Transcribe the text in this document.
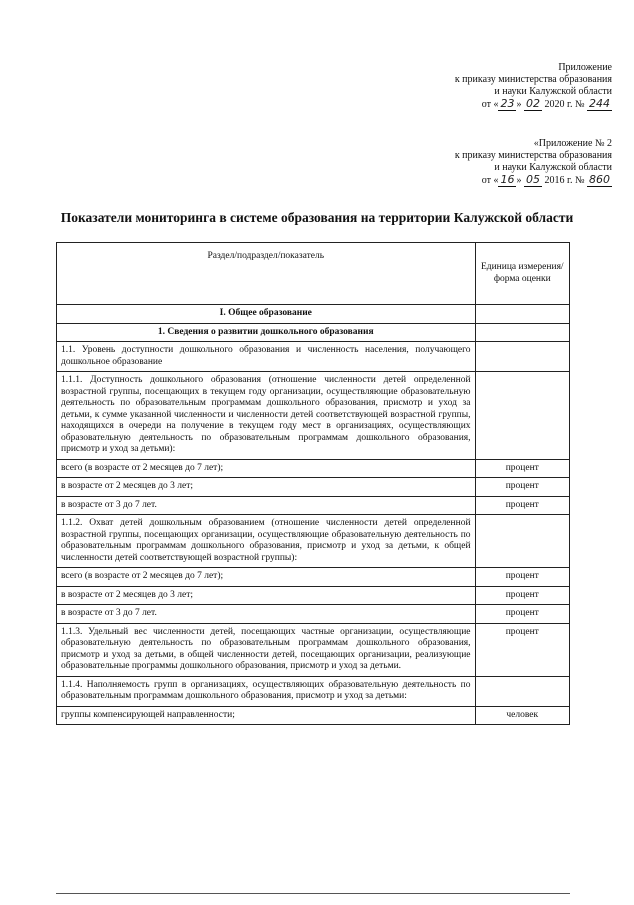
Приложение
к приказу министерства образования
и науки Калужской области
от « 23 » 02 2020 г. № 244
«Приложение № 2
к приказу министерства образования
и науки Калужской области
от « 16 » 05 2016 г. № 860
Показатели мониторинга в системе образования на территории Калужской области
Раздел/подраздел/показатель	Единица измерения/форма оценки
I. Общее образование	
1. Сведения о развитии дошкольного образования	
1.1. Уровень доступности дошкольного образования и численность населения, получающего дошкольное образование	
1.1.1. Доступность дошкольного образования (отношение численности детей определенной возрастной группы, посещающих в текущем году организации, осуществляющие образовательную деятельность по образовательным программам дошкольного образования, присмотр и уход за детьми, к сумме указанной численности и численности детей соответствующей возрастной группы, находящихся в очереди на получение в текущем году мест в организациях, осуществляющих образовательную деятельность по образовательным программам дошкольного образования, присмотр и уход за детьми):	
всего (в возрасте от 2 месяцев до 7 лет);	процент
в возрасте от 2 месяцев до 3 лет;	процент
в возрасте от 3 до 7 лет.	процент
1.1.2. Охват детей дошкольным образованием (отношение численности детей определенной возрастной группы, посещающих организации, осуществляющие образовательную деятельность по образовательным программам дошкольного образования, присмотр и уход за детьми, к общей численности детей соответствующей возрастной группы):	
всего (в возрасте от 2 месяцев до 7 лет);	процент
в возрасте от 2 месяцев до 3 лет;	процент
в возрасте от 3 до 7 лет.	процент
1.1.3. Удельный вес численности детей, посещающих частные организации, осуществляющие образовательную деятельность по образовательным программам дошкольного образования, присмотр и уход за детьми, в общей численности детей, посещающих организации, реализующие образовательные программы дошкольного образования, присмотр и уход за детьми.	процент
1.1.4. Наполняемость групп в организациях, осуществляющих образовательную деятельность по образовательным программам дошкольного образования, присмотр и уход за детьми:	
группы компенсирующей направленности;	человек
